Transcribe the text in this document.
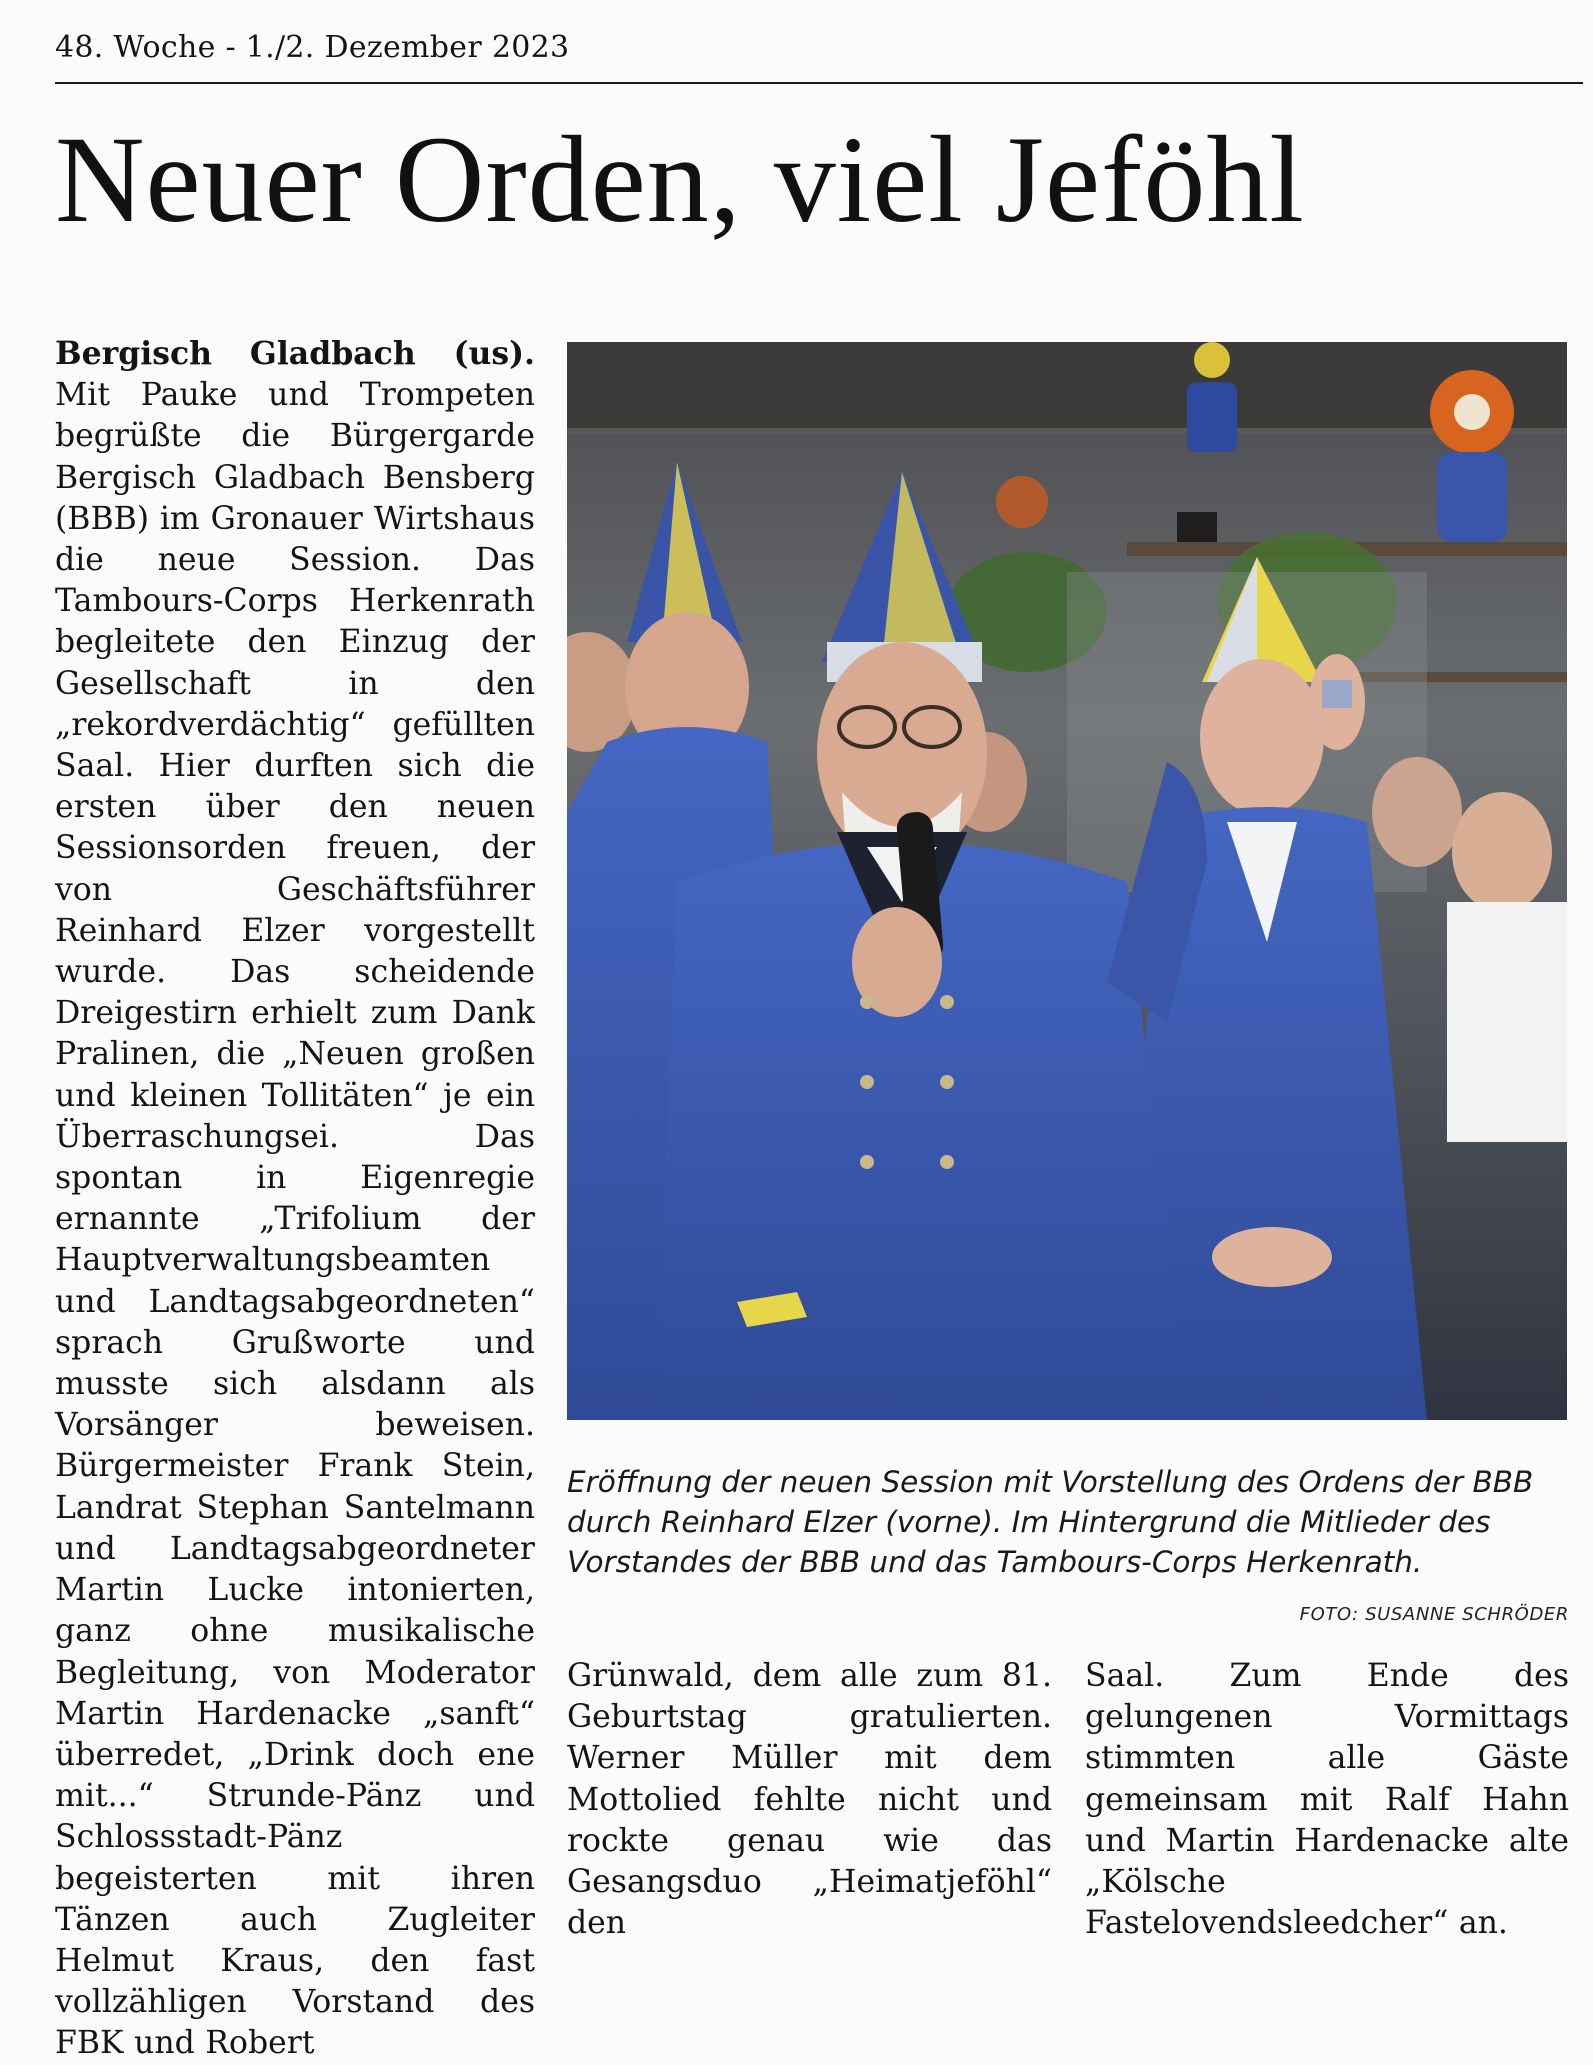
48. Woche - 1./2. Dezember 2023
Neuer Orden, viel Jeföhl
Bergisch Gladbach (us). Mit Pauke und Trompeten begrüßte die Bürgergarde Bergisch Gladbach Bensberg (BBB) im Gronauer Wirtshaus die neue Session. Das Tambours-Corps Herkenrath begleitete den Einzug der Gesellschaft in den „rekordverdächtig“ gefüllten Saal. Hier durften sich die ersten über den neuen Sessionsorden freuen, der von Geschäftsführer Reinhard Elzer vorgestellt wurde. Das scheidende Dreigestirn erhielt zum Dank Pralinen, die „Neuen großen und kleinen Tollitäten“ je ein Überraschungsei. Das spontan in Eigenregie ernannte „Trifolium der Hauptverwaltungsbeamten und Landtagsabgeordneten“ sprach Grußworte und musste sich alsdann als Vorsänger beweisen. Bürgermeister Frank Stein, Landrat Stephan Santelmann und Landtagsabgeordneter Martin Lucke intonierten, ganz ohne musikalische Begleitung, von Moderator Martin Hardenacke „sanft“ überredet, „Drink doch ene mit...“ Strunde-Pänz und Schlossstadt-Pänz begeisterten mit ihren Tänzen auch Zugleiter Helmut Kraus, den fast vollzähligen Vorstand des FBK und Robert
Eröffnung der neuen Session mit Vorstellung des Ordens der BBB durch Reinhard Elzer (vorne). Im Hintergrund die Mitlieder des Vorstandes der BBB und das Tambours-Corps Herkenrath.
FOTO: SUSANNE SCHRÖDER
Grünwald, dem alle zum 81. Geburtstag gratulierten. Werner Müller mit dem Mottolied fehlte nicht und rockte genau wie das Gesangsduo „Heimatjeföhl“ den
Saal. Zum Ende des gelungenen Vormittags stimmten alle Gäste gemeinsam mit Ralf Hahn und Martin Hardenacke alte „Kölsche Fastelovendsleedcher“ an.
